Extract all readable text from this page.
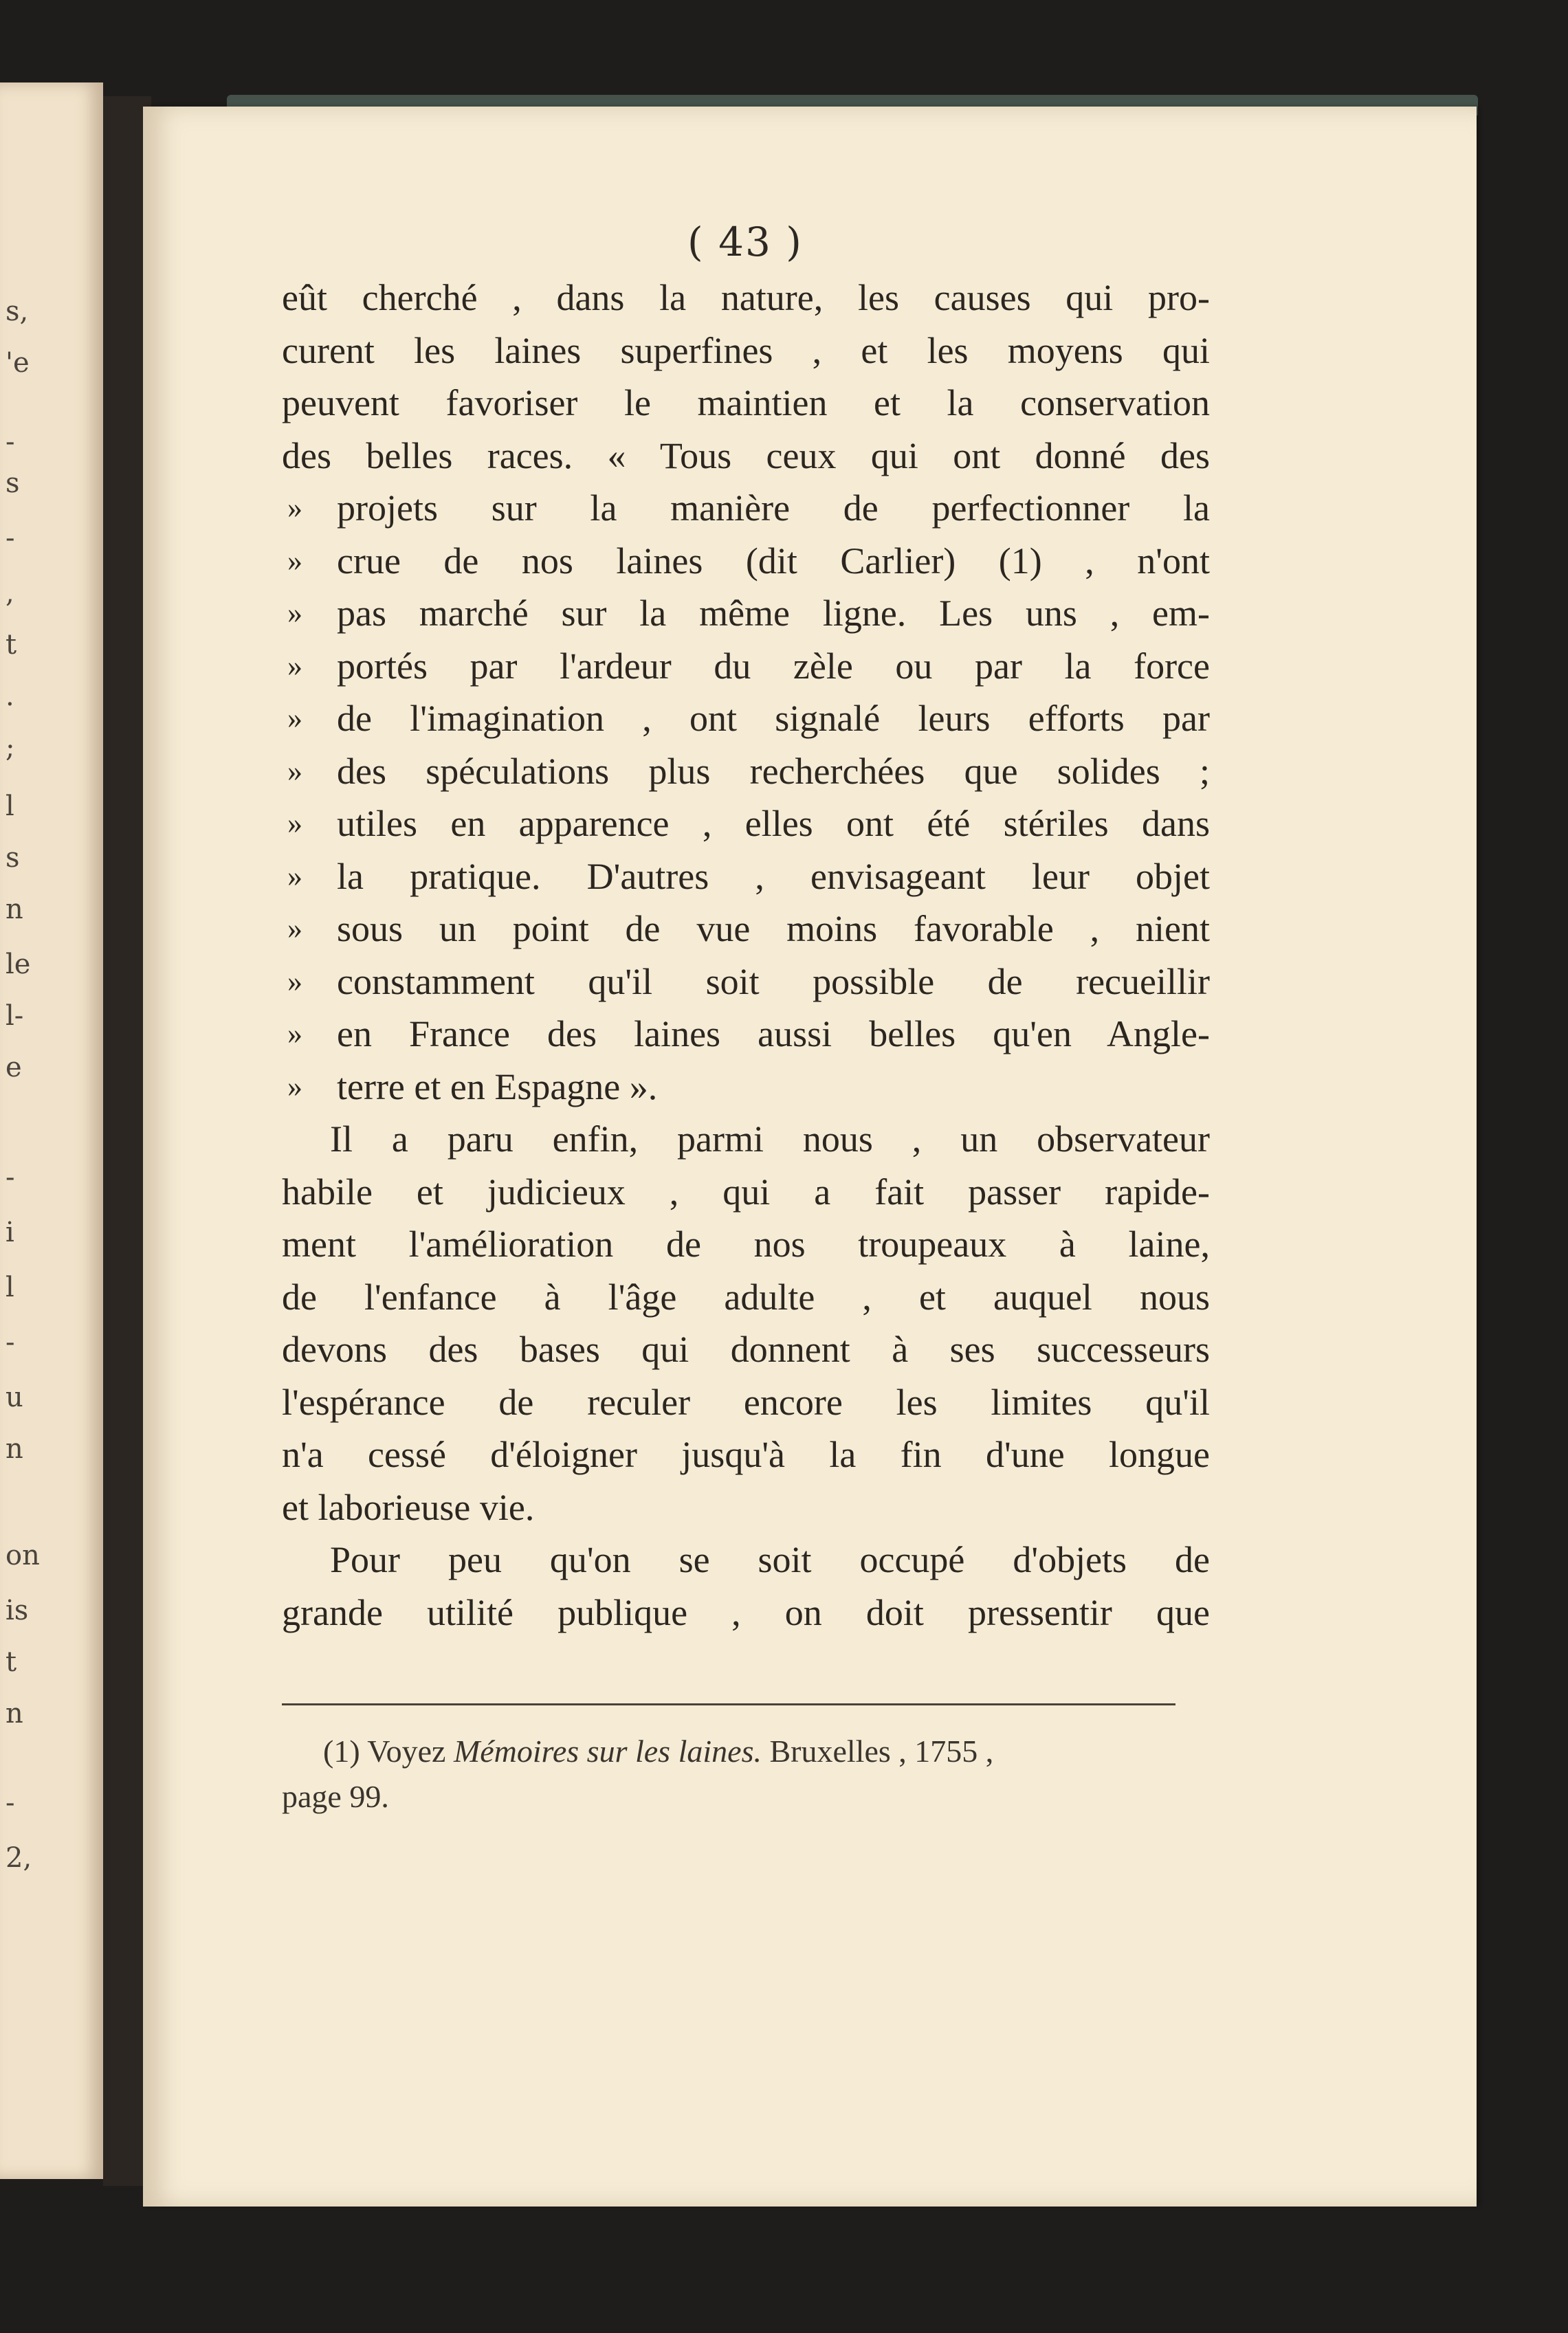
s,
'e
-
s
-
,
t
.
;
l
s
n
le
l-
e
-
i
l
-
u
n
on
is
t
n
-
2,
( 43 )
eût cherché , dans la nature, les causes qui pro-
curent les laines superfines , et les moyens qui
peuvent favoriser le maintien et la conservation
des belles races. « Tous ceux qui ont donné des
» projets sur la manière de perfectionner la
» crue de nos laines (dit Carlier) (1) , n'ont
» pas marché sur la même ligne. Les uns , em-
» portés par l'ardeur du zèle ou par la force
» de l'imagination , ont signalé leurs efforts par
» des spéculations plus recherchées que solides ;
» utiles en apparence , elles ont été stériles dans
» la pratique. D'autres , envisageant leur objet
» sous un point de vue moins favorable , nient
» constamment qu'il soit possible de recueillir
» en France des laines aussi belles qu'en Angle-
» terre et en Espagne ».
Il a paru enfin, parmi nous , un observateur
habile et judicieux , qui a fait passer rapide-
ment l'amélioration de nos troupeaux à laine,
de l'enfance à l'âge adulte , et auquel nous
devons des bases qui donnent à ses successeurs
l'espérance de reculer encore les limites qu'il
n'a cessé d'éloigner jusqu'à la fin d'une longue
et laborieuse vie.
Pour peu qu'on se soit occupé d'objets de
grande utilité publique , on doit pressentir que
(1) Voyez Mémoires sur les laines. Bruxelles , 1755 ,
page 99.
